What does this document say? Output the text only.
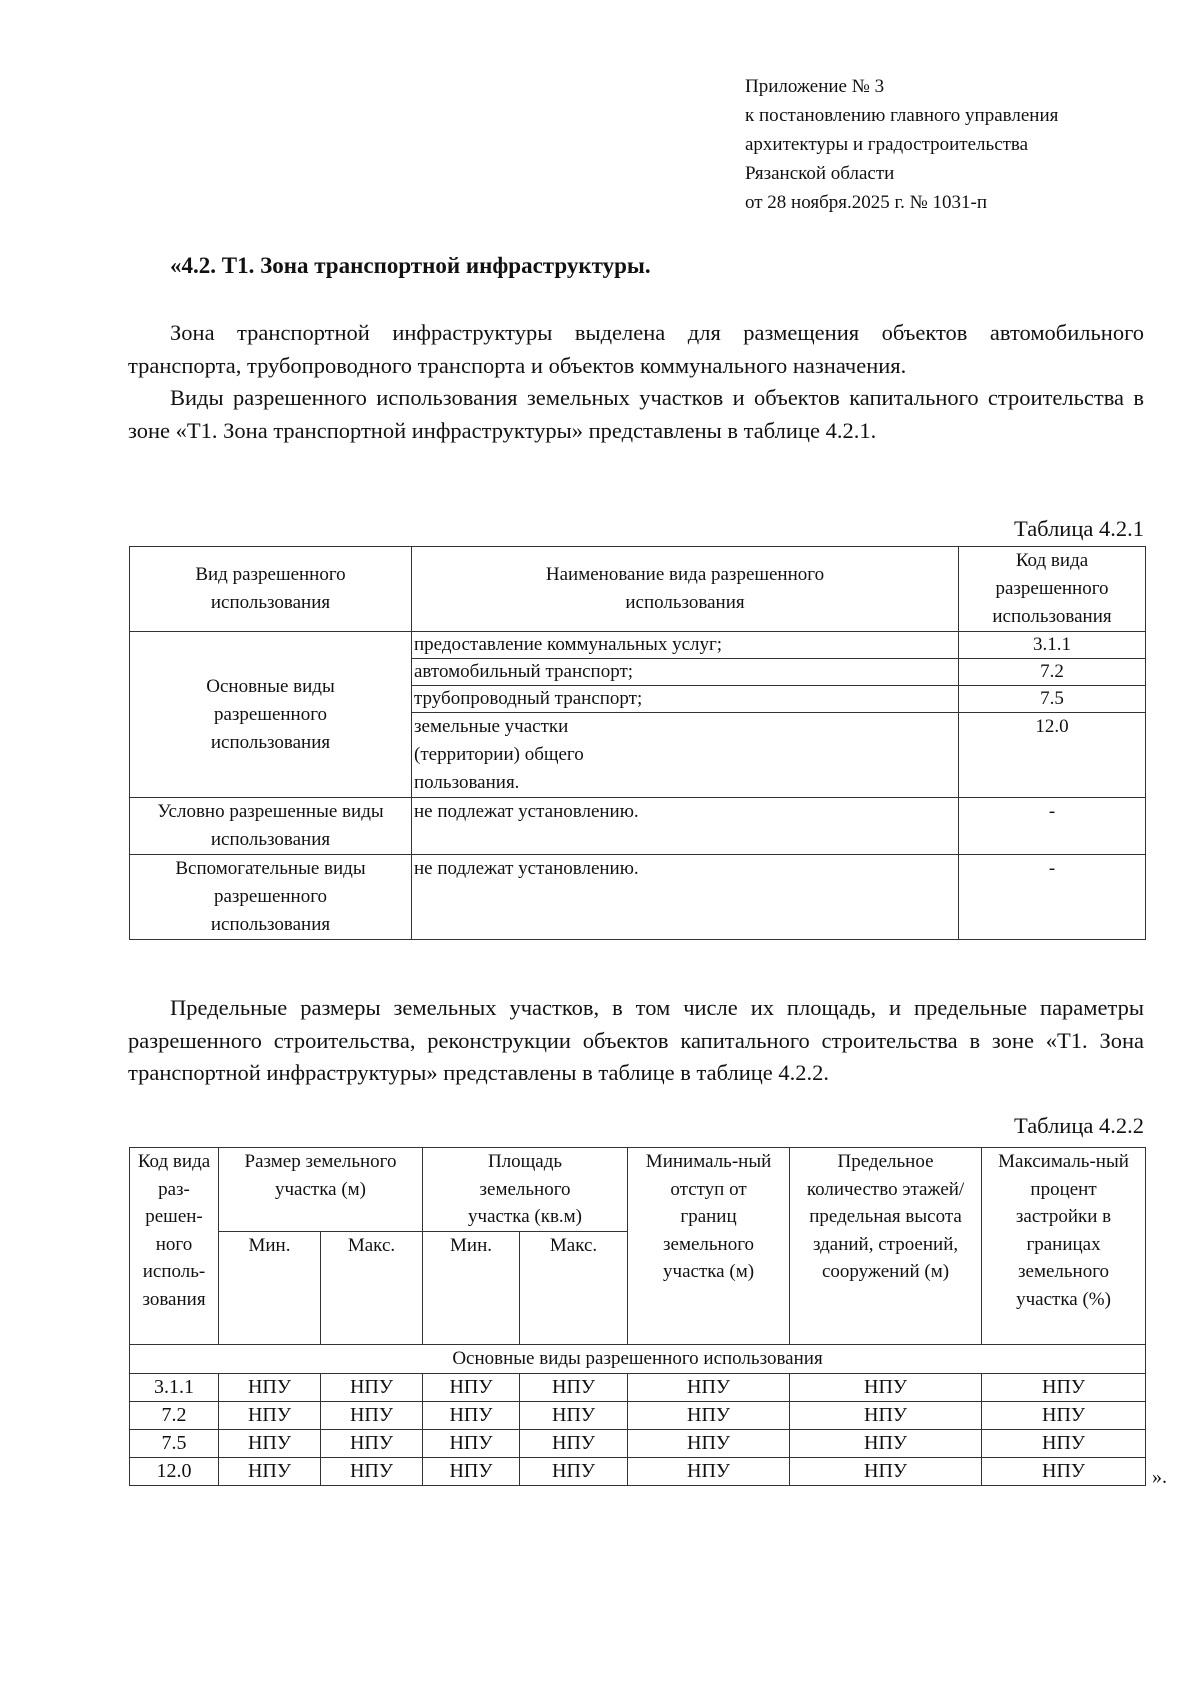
Приложение № 3
к постановлению главного управления
архитектуры и градостроительства
Рязанской области
от 28 ноября.2025 г. № 1031-п
«4.2. Т1. Зона транспортной инфраструктуры.

Зона транспортной инфраструктуры выделена для размещения объектов автомобильного транспорта, трубопроводного транспорта и объектов коммунального назначения.

Виды разрешенного использования земельных участков и объектов капитального строительства в зоне «Т1. Зона транспортной инфраструктуры» представлены в таблице 4.2.1.

Таблица 4.2.1
Вид разрешенного использования	Наименование вида разрешенного использования	Код вида разрешенного использования
Основные виды разрешенного использования	предоставление коммунальных услуг;	3.1.1
	автомобильный транспорт;	7.2
	трубопроводный транспорт;	7.5
	земельные участки (территории) общего пользования.	12.0
Условно разрешенные виды использования	не подлежат установлению.	-
Вспомогательные виды разрешенного использования	не подлежат установлению.	-

Предельные размеры земельных участков, в том числе их площадь, и предельные параметры разрешенного строительства, реконструкции объектов капитального строительства в зоне «Т1. Зона транспортной инфраструктуры» представлены в таблице в таблице 4.2.2.

Таблица 4.2.2
Код вида раз-решен-ного исполь-зования	Размер земельного участка (м)		Площадь земельного участка (кв.м)		Минималь-ный отступ от границ земельного участка (м)	Предельное количество этажей/ предельная высота зданий, строений, сооружений (м)	Максималь-ный процент застройки в границах земельного участка (%)
	Мин.	Макс.	Мин.	Макс.			
Основные виды разрешенного использования							
3.1.1	НПУ	НПУ	НПУ	НПУ	НПУ	НПУ	НПУ
7.2	НПУ	НПУ	НПУ	НПУ	НПУ	НПУ	НПУ
7.5	НПУ	НПУ	НПУ	НПУ	НПУ	НПУ	НПУ
12.0	НПУ	НПУ	НПУ	НПУ	НПУ	НПУ	НПУ	».
